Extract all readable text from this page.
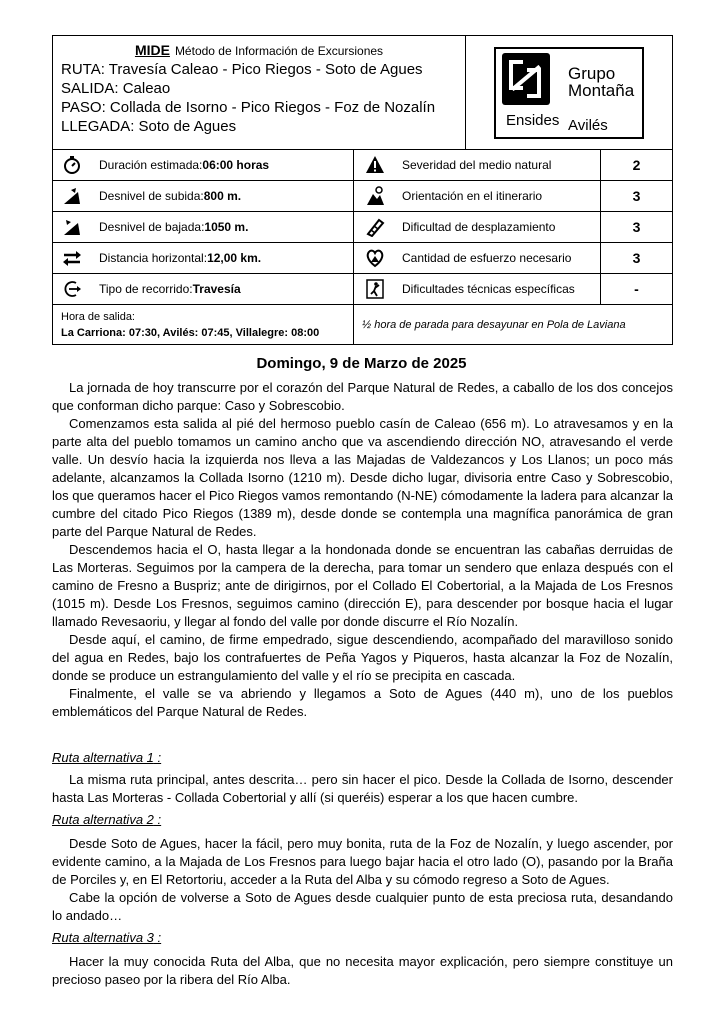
MIDE Método de Información de Excursiones
RUTA: Travesía Caleao - Pico Riegos - Soto de Agues
SALIDA: Caleao
PASO: Collada de Isorno - Pico Riegos - Foz de Nozalín
LLEGADA: Soto de Agues
Grupo
Montaña
Ensides Avilés
Duración estimada: 06:00 horas	Severidad del medio natural	2
Desnivel de subida: 800 m.	Orientación en el itinerario	3
Desnivel de bajada: 1050 m.	Dificultad de desplazamiento	3
Distancia horizontal: 12,00 km.	Cantidad de esfuerzo necesario	3
Tipo de recorrido: Travesía	Dificultades técnicas específicas	-
Hora de salida:
La Carriona: 07:30, Avilés: 07:45, Villalegre: 08:00
½ hora de parada para desayunar en Pola de Laviana
Domingo, 9 de Marzo de 2025

La jornada de hoy transcurre por el corazón del Parque Natural de Redes, a caballo de los dos concejos que conforman dicho parque: Caso y Sobrescobio.

Comenzamos esta salida al pié del hermoso pueblo casín de Caleao (656 m). Lo atravesamos y en la parte alta del pueblo tomamos un camino ancho que va ascendiendo dirección NO, atravesando el verde valle. Un desvío hacia la izquierda nos lleva a las Majadas de Valdezancos y Los Llanos; un poco más adelante, alcanzamos la Collada Isorno (1210 m). Desde dicho lugar, divisoria entre Caso y Sobrescobio, los que queramos hacer el Pico Riegos vamos remontando (N-NE) cómodamente la ladera para alcanzar la cumbre del citado Pico Riegos (1389 m), desde donde se contempla una magnífica panorámica de gran parte del Parque Natural de Redes.

Descendemos hacia el O, hasta llegar a la hondonada donde se encuentran las cabañas derruidas de Las Morteras. Seguimos por la campera de la derecha, para tomar un sendero que enlaza después con el camino de Fresno a Buspriz; ante de dirigirnos, por el Collado El Cobertorial, a la Majada de Los Fresnos (1015 m). Desde Los Fresnos, seguimos camino (dirección E), para descender por bosque hacia el lugar llamado Revesaoriu, y llegar al fondo del valle por donde discurre el Río Nozalín.

Desde aquí, el camino, de firme empedrado, sigue descendiendo, acompañado del maravilloso sonido del agua en Redes, bajo los contrafuertes de Peña Yagos y Piqueros, hasta alcanzar la Foz de Nozalín, donde se produce un estrangulamiento del valle y el río se precipita en cascada.

Finalmente, el valle se va abriendo y llegamos a Soto de Agues (440 m), uno de los pueblos emblemáticos del Parque Natural de Redes.

Ruta alternativa 1 :

La misma ruta principal, antes descrita… pero sin hacer el pico. Desde la Collada de Isorno, descender hasta Las Morteras - Collada Cobertorial y allí (si queréis) esperar a los que hacen cumbre.

Ruta alternativa 2 :

Desde Soto de Agues, hacer la fácil, pero muy bonita, ruta de la Foz de Nozalín, y luego ascender, por evidente camino, a la Majada de Los Fresnos para luego bajar hacia el otro lado (O), pasando por la Braña de Porciles y, en El Retortoriu, acceder a la Ruta del Alba y su cómodo regreso a Soto de Agues.

Cabe la opción de volverse a Soto de Agues desde cualquier punto de esta preciosa ruta, desandando lo andado…

Ruta alternativa 3 :

Hacer la muy conocida Ruta del Alba, que no necesita mayor explicación, pero siempre constituye un precioso paseo por la ribera del Río Alba.
